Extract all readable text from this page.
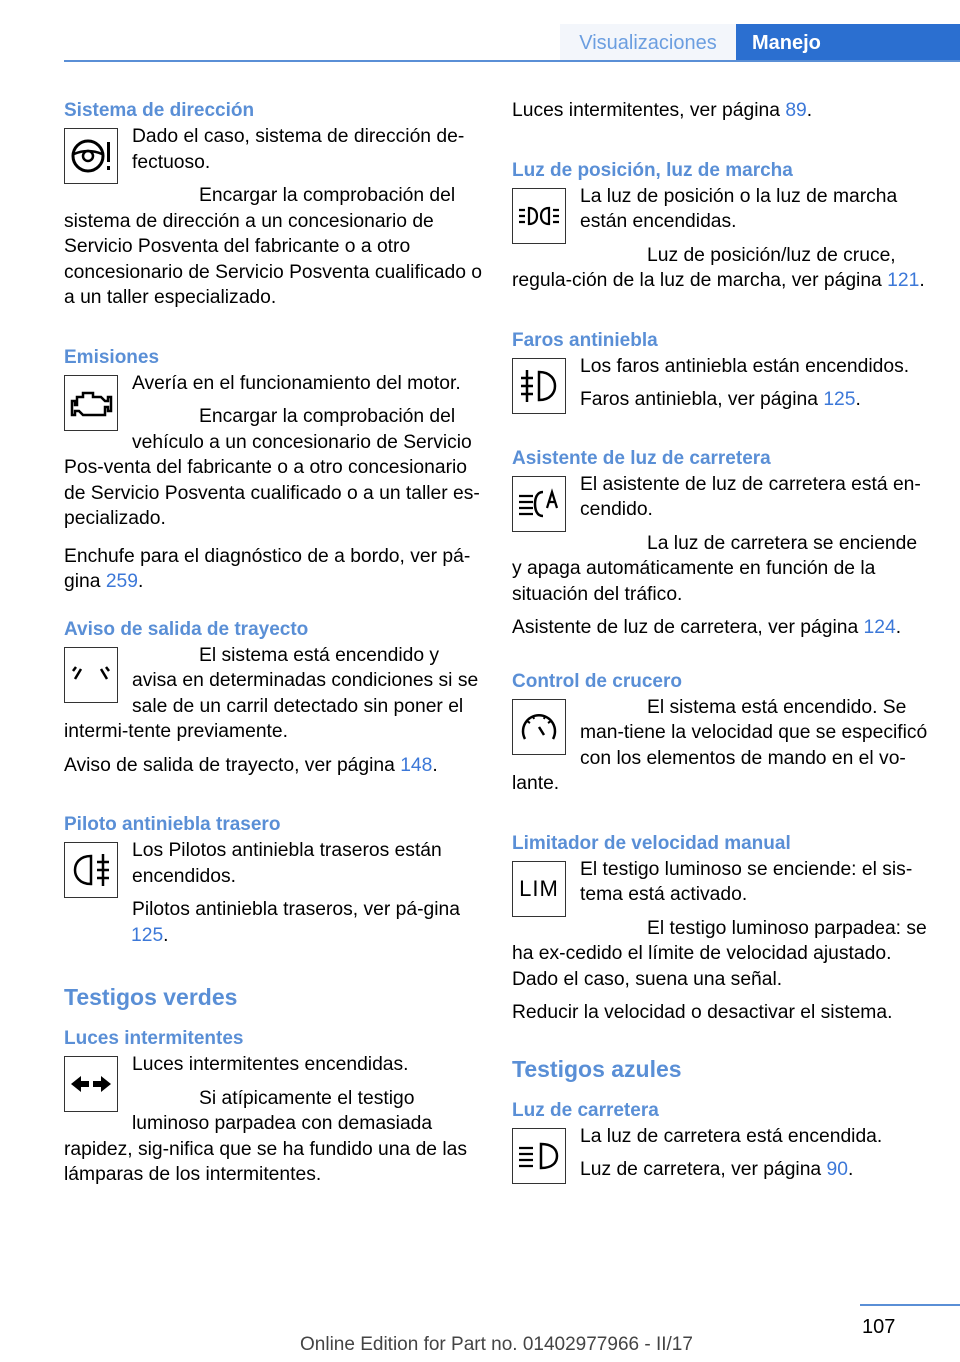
Visualizaciones	Manejo
Sistema de dirección

Dado el caso, sistema de dirección de‐fectuoso.

Encargar la comprobación del sistema de dirección a un concesionario de Servicio Posventa del fabricante o a otro concesionario de Servicio Posventa cualificado o a un taller especializado.

Emisiones

Avería en el funcionamiento del motor.

Encargar la comprobación del vehículo a un concesionario de Servicio Pos‐venta del fabricante o a otro concesionario de Servicio Posventa cualificado o a un taller es‐pecializado.

Enchufe para el diagnóstico de a bordo, ver pá‐gina 259.

Aviso de salida de trayecto

El sistema está encendido y avisa en determinadas condiciones si se sale de un carril detectado sin poner el intermi‐tente previamente.

Aviso de salida de trayecto, ver página 148.

Piloto antiniebla trasero

Los Pilotos antiniebla traseros están encendidos.

Pilotos antiniebla traseros, ver pá‐gina 125.

Testigos verdes
Luces intermitentes

Luces intermitentes encendidas.

Si atípicamente el testigo luminoso parpadea con demasiada rapidez, sig‐nifica que se ha fundido una de las lámparas de los intermitentes.

Luces intermitentes, ver página 89.

Luz de posición, luz de marcha

La luz de posición o la luz de marcha están encendidas.

Luz de posición/luz de cruce, regula‐ción de la luz de marcha, ver página 121.

Faros antiniebla

Los faros antiniebla están encendidos.

Faros antiniebla, ver página 125.

Asistente de luz de carretera

El asistente de luz de carretera está en‐cendido.

La luz de carretera se enciende y apaga automáticamente en función de la situación del tráfico.

Asistente de luz de carretera, ver página 124.

Control de crucero

El sistema está encendido. Se man‐tiene la velocidad que se especificó con los elementos de mando en el vo‐lante.

Limitador de velocidad manual
LIM

El testigo luminoso se enciende: el sis‐tema está activado.

El testigo luminoso parpadea: se ha ex‐cedido el límite de velocidad ajustado. Dado el caso, suena una señal.

Reducir la velocidad o desactivar el sistema.

Testigos azules
Luz de carretera

La luz de carretera está encendida.

Luz de carretera, ver página 90.

107
Online Edition for Part no. 01402977966 - II/17
